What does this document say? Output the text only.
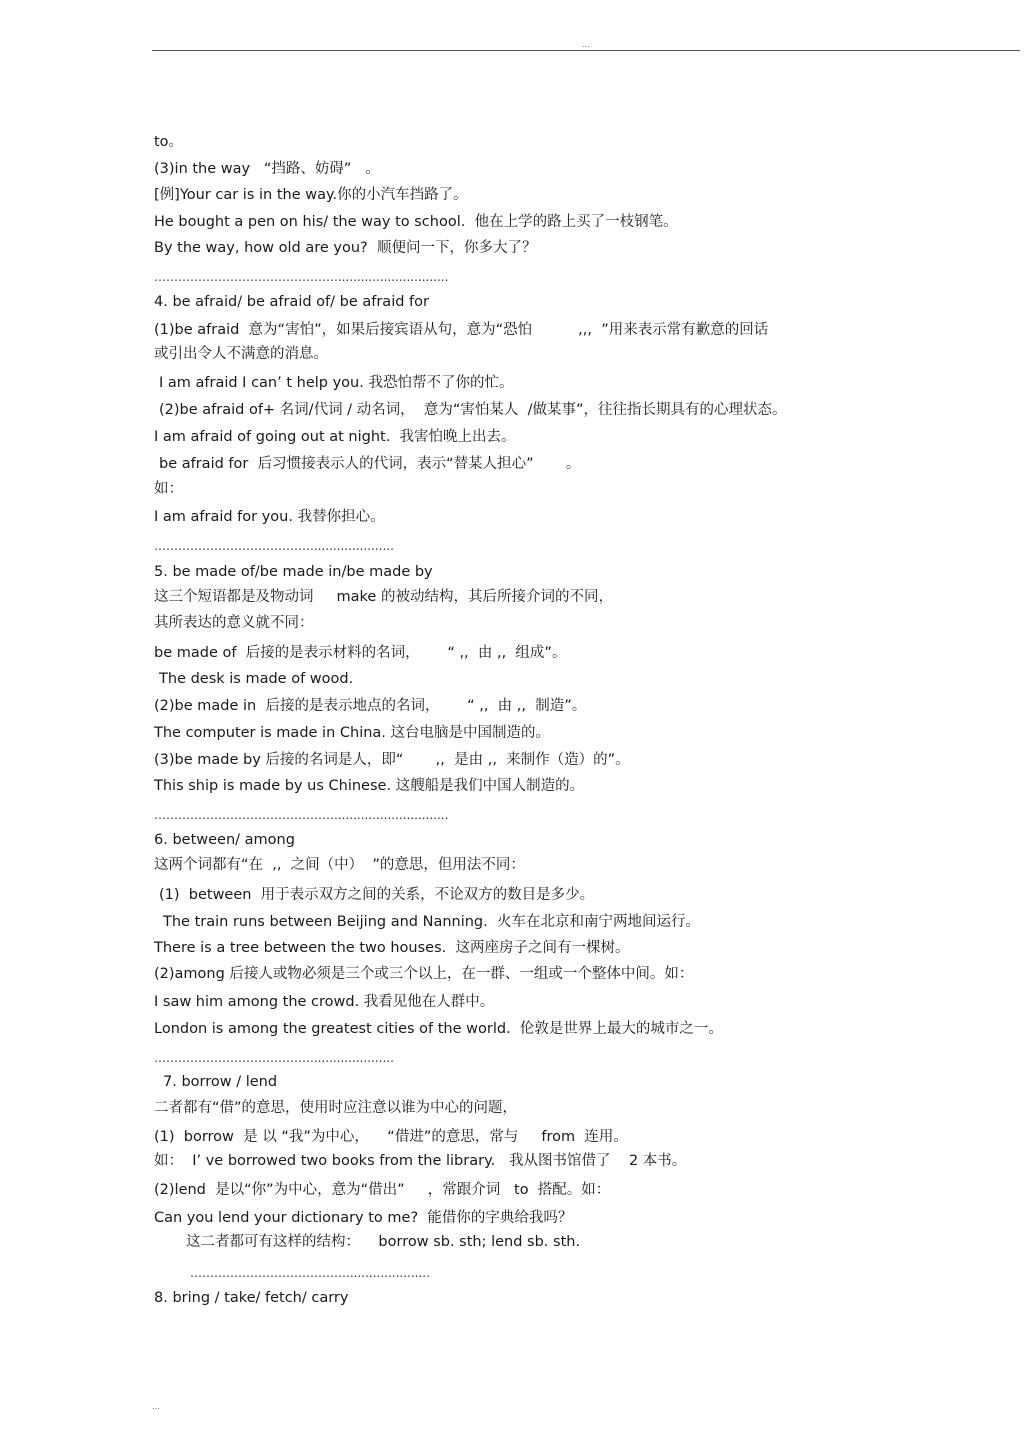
...
to。
(3)in the way   “挡路、妨碍”   。
[例]Your car is in the way.你的小汽车挡路了。
He bought a pen on his/ the way to school.  他在上学的路上买了一枝钢笔。
By the way, how old are you?  顺便问一下，你多大了？
………………………………………..............................
4. be afraid/ be afraid of/ be afraid for
(1)be afraid  意为“害怕”，如果后接宾语从句，意为“恐怕          ,,,  ”用来表示常有歉意的回话
或引出令人不满意的消息。
I am afraid I can’ t help you. 我恐怕帮不了你的忙。
(2)be afraid of+ 名词/代词 / 动名词，  意为“害怕某人  /做某事”，往往指长期具有的心理状态。
I am afraid of going out at night.  我害怕晚上出去。
be afraid for  后习惯接表示人的代词，表示“替某人担心”       。
如：
I am afraid for you. 我替你担心。
…………………………………......................
5. be made of/be made in/be made by
这三个短语都是及物动词     make 的被动结构，其后所接介词的不同，
其所表达的意义就不同：
be made of  后接的是表示材料的名词，      “ ,,  由 ,,  组成”。
The desk is made of wood.
(2)be made in  后接的是表示地点的名词，      “ ,,  由 ,,  制造”。
The computer is made in China. 这台电脑是中国制造的。
(3)be made by 后接的名词是人，即“       ,,  是由 ,,  来制作（造）的”。
This ship is made by us Chinese. 这艘船是我们中国人制造的。
………………………………………..............................
6. between/ among
这两个词都有“在  ,,  之间（中）  ”的意思，但用法不同：
(1)  between  用于表示双方之间的关系，不论双方的数目是多少。
The train runs between Beijing and Nanning.  火车在北京和南宁两地间运行。
There is a tree between the two houses.  这两座房子之间有一棵树。
(2)among 后接人或物必须是三个或三个以上，在一群、一组或一个整体中间。如：
I saw him among the crowd. 我看见他在人群中。
London is among the greatest cities of the world.  伦敦是世界上最大的城市之一。
…………………………………......................
7. borrow / lend
二者都有“借”的意思，使用时应注意以谁为中心的问题，
(1)  borrow  是 以 “我”为中心，    “借进”的意思，常与     from  连用。
如：  I’ ve borrowed two books from the library.   我从图书馆借了    2 本书。
(2)lend  是以“你”为中心，意为“借出”     ，常跟介词   to  搭配。如：
Can you lend your dictionary to me?  能借你的字典给我吗？
这二者都可有这样的结构：    borrow sb. sth; lend sb. sth.
…………………………………......................
8. bring / take/ fetch/ carry
...
